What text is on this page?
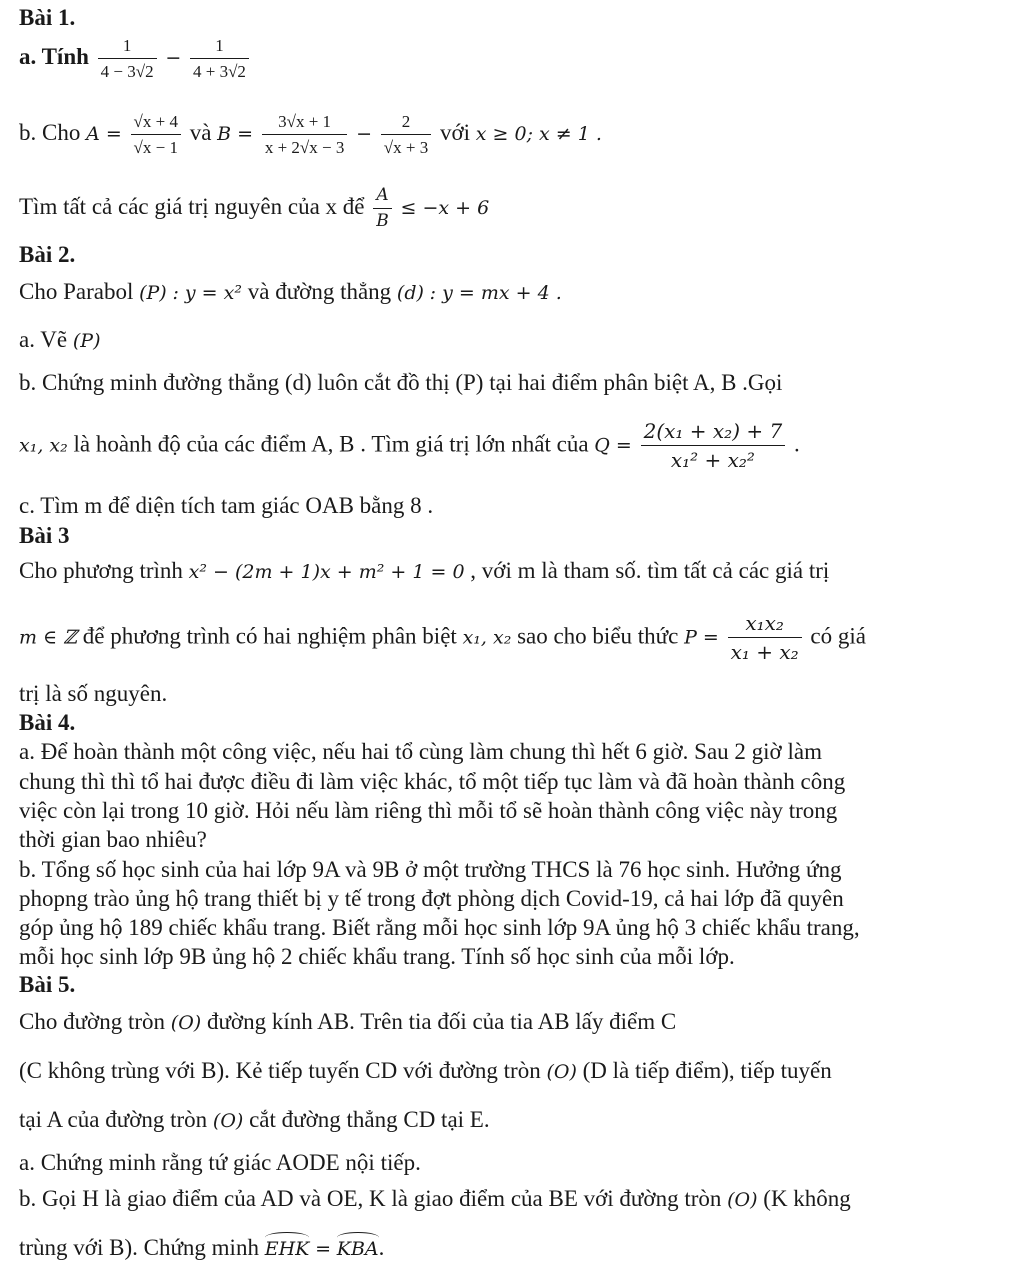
Bài 1.
a. Tính $\frac{1}{4 - 3√2} - \frac{1}{4 + 3√2}$
b. Cho $A = \frac{√x + 4}{√x - 1}$ và $B = \frac{3√x + 1}{x + 2√x - 3} - \frac{2}{√x + 3}$ với x ≥ 0; x ≠ 1 .
Tìm tất cả các giá trị nguyên của x để $\frac{A}{B} \le -x + 6$
Bài 2.
Cho Parabol (P) : y = x² và đường thẳng (d) : y = mx + 4 .
a. Vẽ (P)
b. Chứng minh đường thẳng (d) luôn cắt đồ thị (P) tại hai điểm phân biệt A, B .Gọi
x₁, x₂ là hoành độ của các điểm A, B . Tìm giá trị lớn nhất của $Q = \frac{\text{2(x₁ + x₂) + 7}}{\text{x₁² + x₂²}}$ .
c. Tìm m để diện tích tam giác OAB bằng 8 .
Bài 3
Cho phương trình x² − (2m + 1)x + m² + 1 = 0 , với m là tham số. tìm tất cả các giá trị
m ∈ ℤ để phương trình có hai nghiệm phân biệt x₁, x₂ sao cho biểu thức $P = \frac{\text{x₁x₂}}{\text{x₁ + x₂}}$ có giá
trị là số nguyên.
Bài 4.
a. Để hoàn thành một công việc, nếu hai tổ cùng làm chung thì hết 6 giờ. Sau 2 giờ làm
chung thì thì tổ hai được điều đi làm việc khác, tổ một tiếp tục làm và đã hoàn thành công
việc còn lại trong 10 giờ. Hỏi nếu làm riêng thì mỗi tổ sẽ hoàn thành công việc này trong
thời gian bao nhiêu?
b. Tổng số học sinh của hai lớp 9A và 9B ở một trường THCS là 76 học sinh. Hưởng ứng
phopng trào ủng hộ trang thiết bị y tế trong đợt phòng dịch Covid-19, cả hai lớp đã quyên
góp ủng hộ 189 chiếc khẩu trang. Biết rằng mỗi học sinh lớp 9A ủng hộ 3 chiếc khẩu trang,
mỗi học sinh lớp 9B ủng hộ 2 chiếc khẩu trang. Tính số học sinh của mỗi lớp.
Bài 5.
Cho đường tròn (O) đường kính AB. Trên tia đối của tia AB lấy điểm C
(C không trùng với B). Kẻ tiếp tuyến CD với đường tròn (O) (D là tiếp điểm), tiếp tuyến
tại A của đường tròn (O) cắt đường thẳng CD tại E.
a. Chứng minh rằng tứ giác AODE nội tiếp.
b. Gọi H là giao điểm của AD và OE, K là giao điểm của BE với đường tròn (O) (K không
trùng với B). Chứng minh EHK = KBA.
